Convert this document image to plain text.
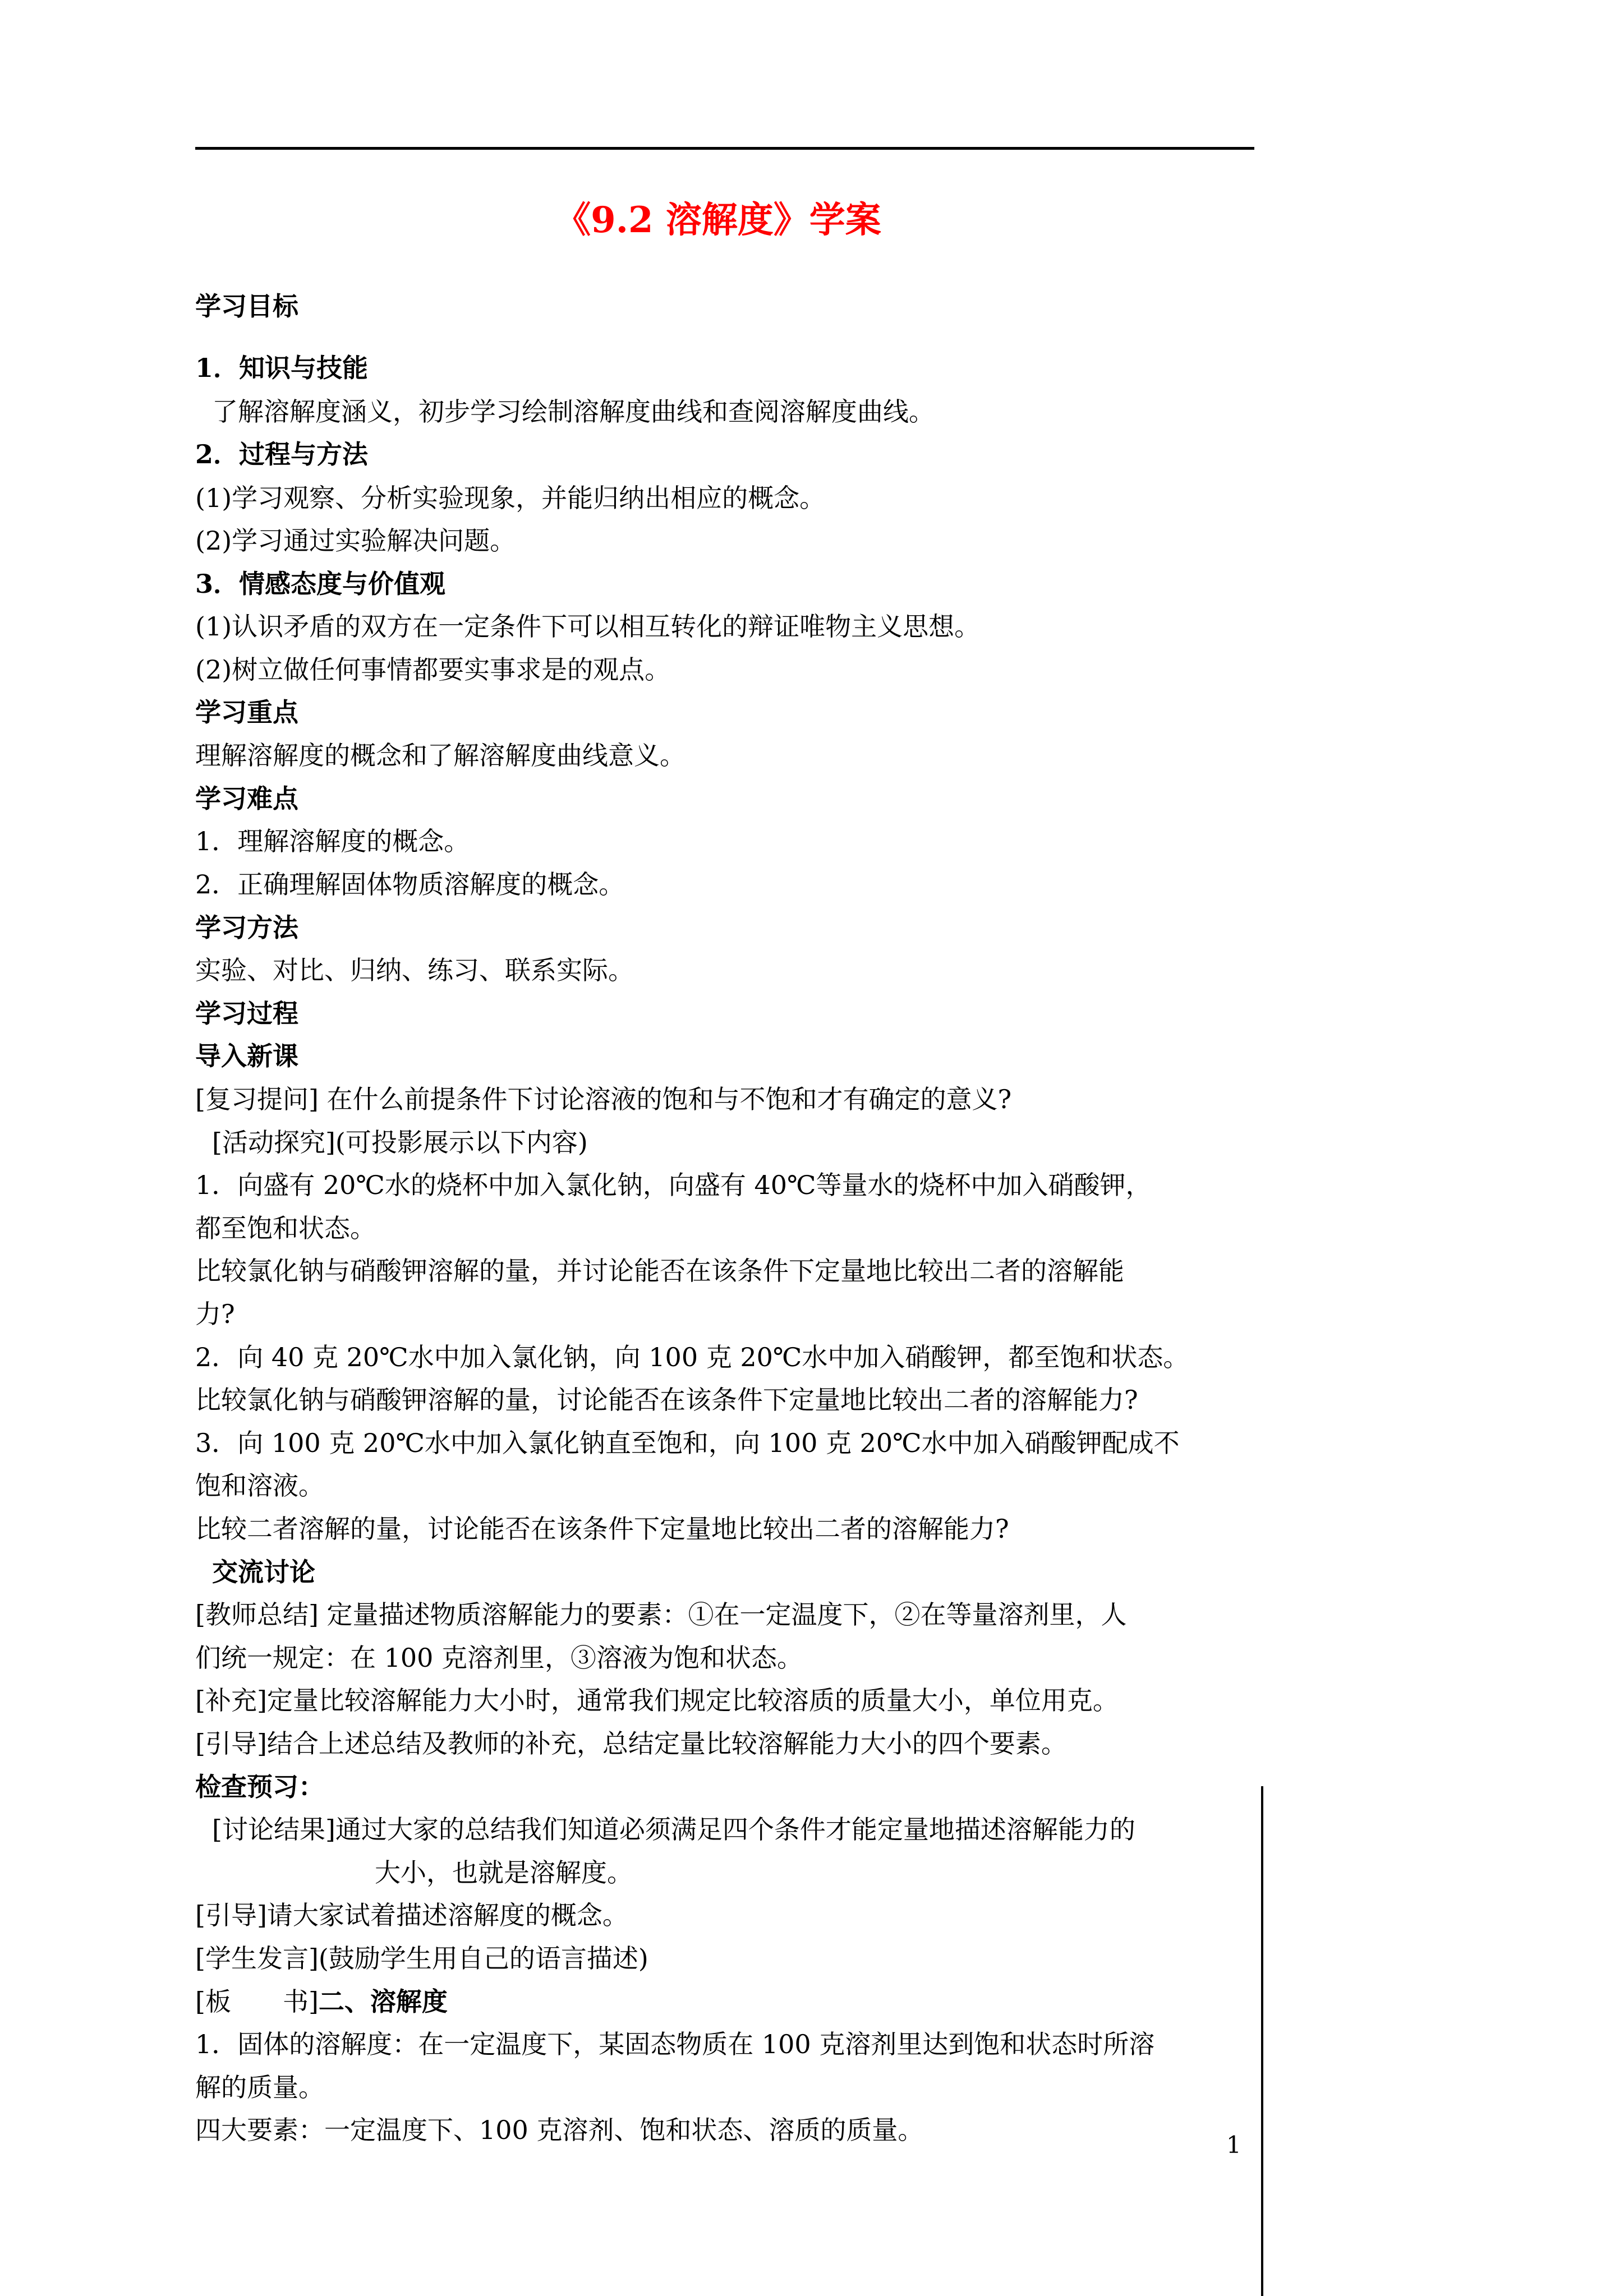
《9.2 溶解度》学案

学习目标

1．知识与技能

了解溶解度涵义，初步学习绘制溶解度曲线和查阅溶解度曲线。

2．过程与方法

(1)学习观察、分析实验现象，并能归纳出相应的概念。

(2)学习通过实验解决问题。

3．情感态度与价值观

(1)认识矛盾的双方在一定条件下可以相互转化的辩证唯物主义思想。

(2)树立做任何事情都要实事求是的观点。

学习重点

理解溶解度的概念和了解溶解度曲线意义。

学习难点

1．理解溶解度的概念。

2．正确理解固体物质溶解度的概念。

学习方法

实验、对比、归纳、练习、联系实际。

学习过程

导入新课

[复习提问] 在什么前提条件下讨论溶液的饱和与不饱和才有确定的意义?

[活动探究](可投影展示以下内容)

1．向盛有 20℃水的烧杯中加入氯化钠，向盛有 40℃等量水的烧杯中加入硝酸钾，

都至饱和状态。

比较氯化钠与硝酸钾溶解的量，并讨论能否在该条件下定量地比较出二者的溶解能

力?

2．向 40 克 20℃水中加入氯化钠，向 100 克 20℃水中加入硝酸钾，都至饱和状态。

比较氯化钠与硝酸钾溶解的量，讨论能否在该条件下定量地比较出二者的溶解能力?

3．向 100 克 20℃水中加入氯化钠直至饱和，向 100 克 20℃水中加入硝酸钾配成不

饱和溶液。

比较二者溶解的量，讨论能否在该条件下定量地比较出二者的溶解能力?

交流讨论

[教师总结] 定量描述物质溶解能力的要素：①在一定温度下，②在等量溶剂里，人

们统一规定：在 100 克溶剂里，③溶液为饱和状态。

[补充]定量比较溶解能力大小时，通常我们规定比较溶质的质量大小，单位用克。

[引导]结合上述总结及教师的补充，总结定量比较溶解能力大小的四个要素。

检查预习：

[讨论结果]通过大家的总结我们知道必须满足四个条件才能定量地描述溶解能力的

大小，也就是溶解度。

[引导]请大家试着描述溶解度的概念。

[学生发言](鼓励学生用自己的语言描述)

[板　　书]二、溶解度

1．固体的溶解度：在一定温度下，某固态物质在 100 克溶剂里达到饱和状态时所溶

解的质量。

四大要素：一定温度下、100 克溶剂、饱和状态、溶质的质量。	1
